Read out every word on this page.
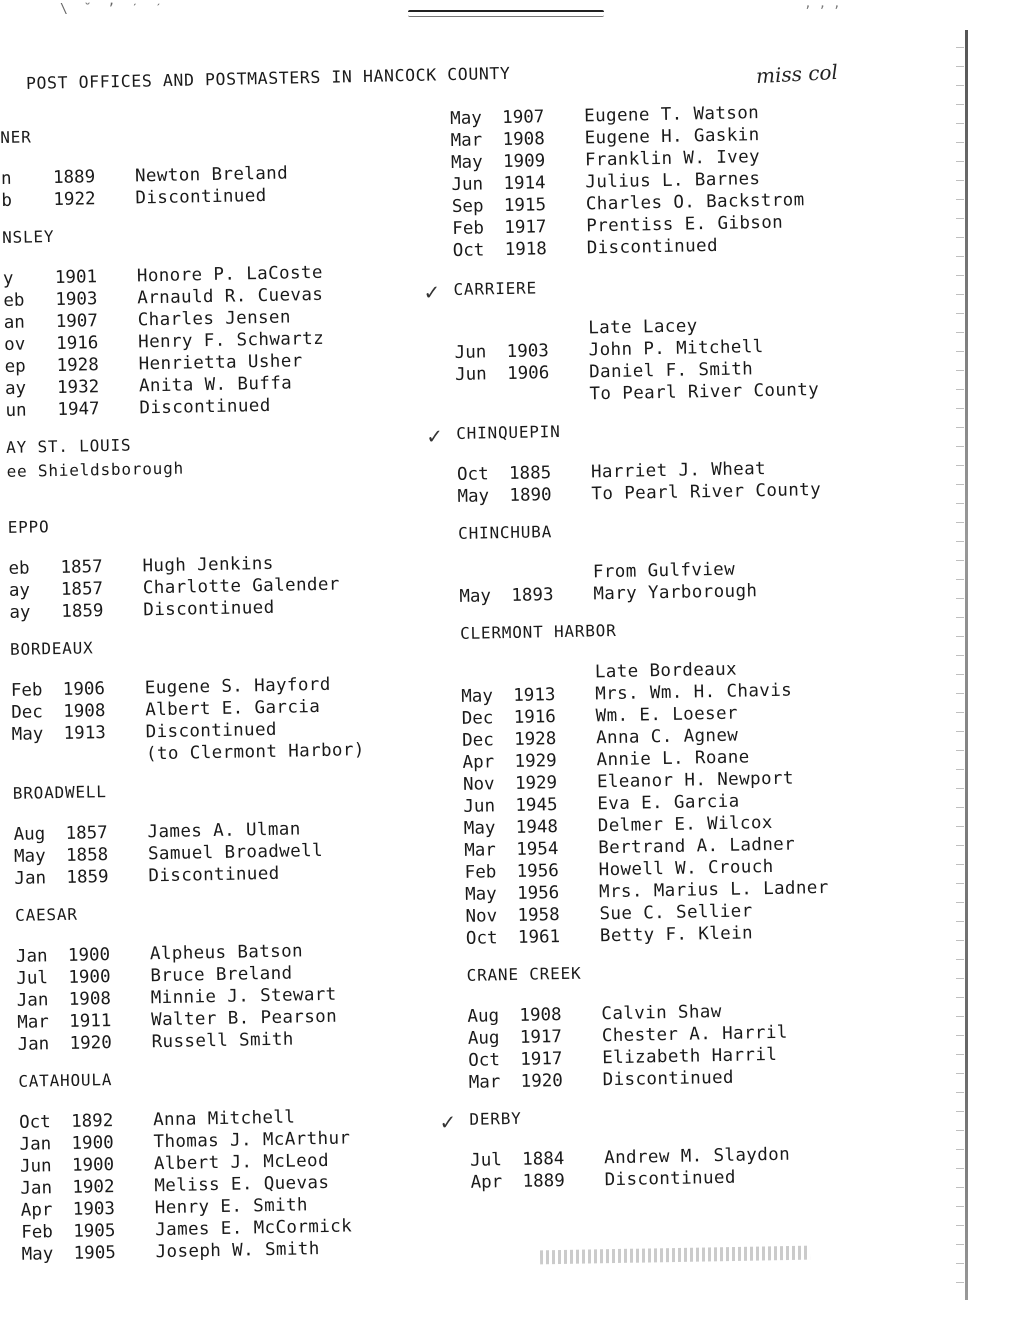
\ ˘ ʼ ˊ ˊ	ʼ ʼ ʼ
POST OFFICES AND POSTMASTERS IN HANCOCK COUNTY	miss col
NER
n	1889	Newton Breland
b	1922	Discontinued
NSLEY
y	1901	Honore P. LaCoste
eb	1903	Arnauld R. Cuevas
an	1907	Charles Jensen
ov	1916	Henry F. Schwartz
ep	1928	Henrietta Usher
ay	1932	Anita W. Buffa
un	1947	Discontinued
AY ST. LOUIS
ee Shieldsborough
EPPO
eb	1857	Hugh Jenkins
ay	1857	Charlotte Galender
ay	1859	Discontinued
BORDEAUX
Feb	1906	Eugene S. Hayford
Dec	1908	Albert E. Garcia
May	1913	Discontinued
(to Clermont Harbor)
BROADWELL
Aug	1857	James A. Ulman
May	1858	Samuel Broadwell
Jan	1859	Discontinued
CAESAR
Jan	1900	Alpheus Batson
Jul	1900	Bruce Breland
Jan	1908	Minnie J. Stewart
Mar	1911	Walter B. Pearson
Jan	1920	Russell Smith
CATAHOULA
Oct	1892	Anna Mitchell
Jan	1900	Thomas J. McArthur
Jun	1900	Albert J. McLeod
Jan	1902	Meliss E. Quevas
Apr	1903	Henry E. Smith
Feb	1905	James E. McCormick
May	1905	Joseph W. Smith
May	1907	Eugene T. Watson
Mar	1908	Eugene H. Gaskin
May	1909	Franklin W. Ivey
Jun	1914	Julius L. Barnes
Sep	1915	Charles O. Backstrom
Feb	1917	Prentiss E. Gibson
Oct	1918	Discontinued
✓ CARRIERE
Late Lacey
Jun	1903	John P. Mitchell
Jun	1906	Daniel F. Smith
To Pearl River County
✓ CHINQUEPIN
Oct	1885	Harriet J. Wheat
May	1890	To Pearl River County
CHINCHUBA
From Gulfview
May	1893	Mary Yarborough
CLERMONT HARBOR
Late Bordeaux
May	1913	Mrs. Wm. H. Chavis
Dec	1916	Wm. E. Loeser
Dec	1928	Anna C. Agnew
Apr	1929	Annie L. Roane
Nov	1929	Eleanor H. Newport
Jun	1945	Eva E. Garcia
May	1948	Delmer E. Wilcox
Mar	1954	Bertrand A. Ladner
Feb	1956	Howell W. Crouch
May	1956	Mrs. Marius L. Ladner
Nov	1958	Sue C. Sellier
Oct	1961	Betty F. Klein
CRANE CREEK
Aug	1908	Calvin Shaw
Aug	1917	Chester A. Harril
Oct	1917	Elizabeth Harril
Mar	1920	Discontinued
✓ DERBY
Jul	1884	Andrew M. Slaydon
Apr	1889	Discontinued
